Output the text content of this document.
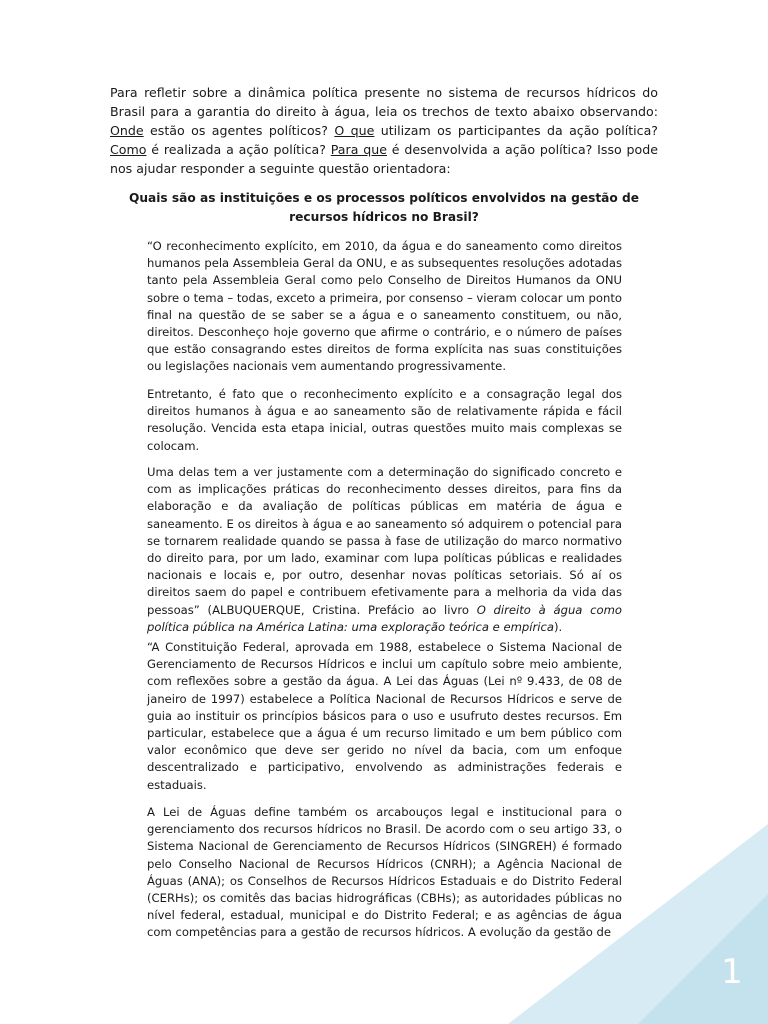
Para refletir sobre a dinâmica política presente no sistema de recursos hídricos do Brasil para a garantia do direito à água, leia os trechos de texto abaixo observando: Onde estão os agentes políticos? O que utilizam os participantes da ação política? Como é realizada a ação política? Para que é desenvolvida a ação política? Isso pode nos ajudar responder a seguinte questão orientadora:

Quais são as instituições e os processos políticos envolvidos na gestão de recursos hídricos no Brasil?

“O reconhecimento explícito, em 2010, da água e do saneamento como direitos humanos pela Assembleia Geral da ONU, e as subsequentes resoluções adotadas tanto pela Assembleia Geral como pelo Conselho de Direitos Humanos da ONU sobre o tema – todas, exceto a primeira, por consenso – vieram colocar um ponto final na questão de se saber se a água e o saneamento constituem, ou não, direitos. Desconheço hoje governo que afirme o contrário, e o número de países que estão consagrando estes direitos de forma explícita nas suas constituições ou legislações nacionais vem aumentando progressivamente.

Entretanto, é fato que o reconhecimento explícito e a consagração legal dos direitos humanos à água e ao saneamento são de relativamente rápida e fácil resolução. Vencida esta etapa inicial, outras questões muito mais complexas se colocam.

Uma delas tem a ver justamente com a determinação do significado concreto e com as implicações práticas do reconhecimento desses direitos, para fins da elaboração e da avaliação de políticas públicas em matéria de água e saneamento. E os direitos à água e ao saneamento só adquirem o potencial para se tornarem realidade quando se passa à fase de utilização do marco normativo do direito para, por um lado, examinar com lupa políticas públicas e realidades nacionais e locais e, por outro, desenhar novas políticas setoriais. Só aí os direitos saem do papel e contribuem efetivamente para a melhoria da vida das pessoas” (ALBUQUERQUE, Cristina. Prefácio ao livro O direito à água como política pública na América Latina: uma exploração teórica e empírica).

“A Constituição Federal, aprovada em 1988, estabelece o Sistema Nacional de Gerenciamento de Recursos Hídricos e inclui um capítulo sobre meio ambiente, com reflexões sobre a gestão da água. A Lei das Águas (Lei nº 9.433, de 08 de janeiro de 1997) estabelece a Política Nacional de Recursos Hídricos e serve de guia ao instituir os princípios básicos para o uso e usufruto destes recursos. Em particular, estabelece que a água é um recurso limitado e um bem público com valor econômico que deve ser gerido no nível da bacia, com um enfoque descentralizado e participativo, envolvendo as administrações federais e estaduais.

A Lei de Águas define também os arcabouços legal e institucional para o gerenciamento dos recursos hídricos no Brasil. De acordo com o seu artigo 33, o Sistema Nacional de Gerenciamento de Recursos Hídricos (SINGREH) é formado pelo Conselho Nacional de Recursos Hídricos (CNRH); a Agência Nacional de Águas (ANA); os Conselhos de Recursos Hídricos Estaduais e do Distrito Federal (CERHs); os comitês das bacias hidrográficas (CBHs); as autoridades públicas no nível federal, estadual, municipal e do Distrito Federal; e as agências de água com competências para a gestão de recursos hídricos. A evolução da gestão de

1
